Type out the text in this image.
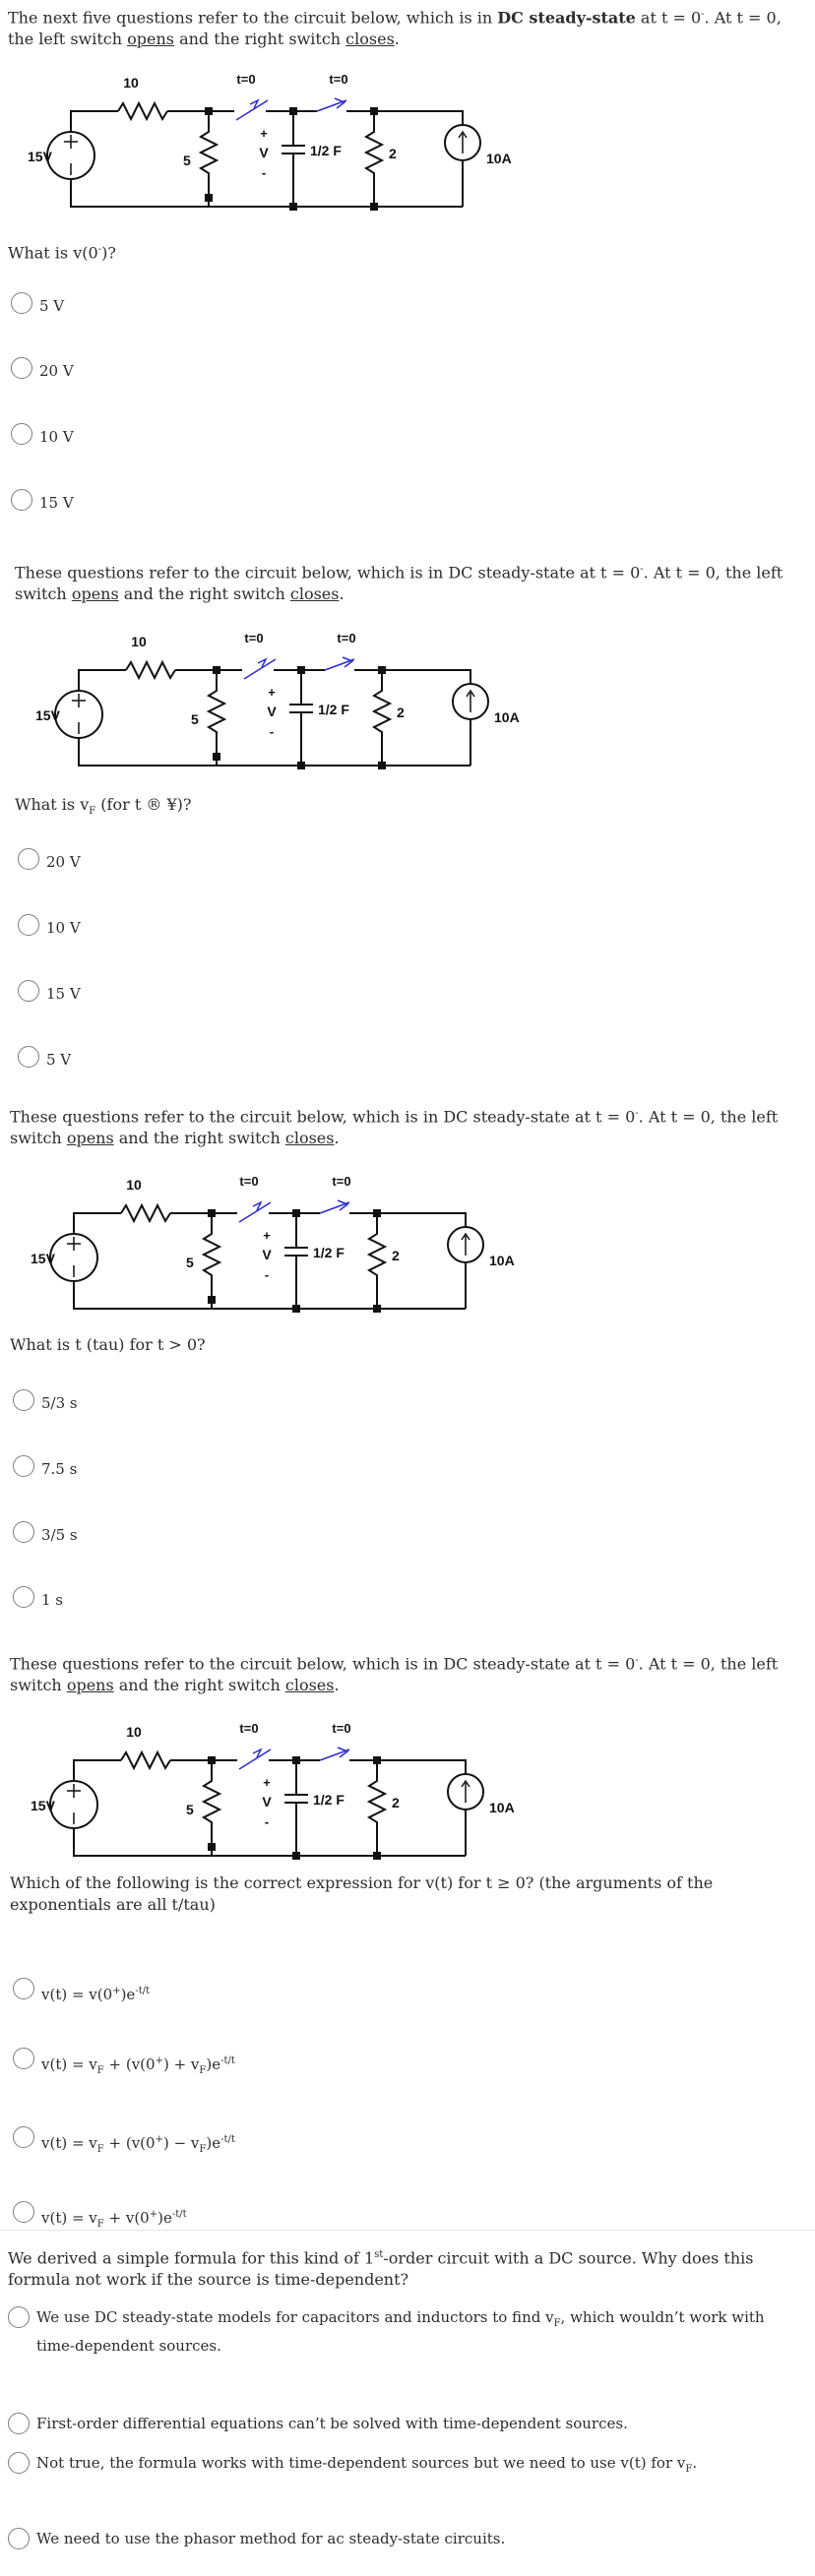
The next five questions refer to the circuit below, which is in DC steady-state at t = 0-. At t = 0, the left switch opens and the right switch closes.
15V
10
5	2
1/2 F
V
+
-
t=0	t=0
10A
What is v(0-)?
5 V
20 V
10 V
15 V
These questions refer to the circuit below, which is in DC steady-state at t = 0-. At t = 0, the left switch opens and the right switch closes.
15V
10
5	2
1/2 F
V
+
-
t=0	t=0
10A
What is $v_F$ (for t ® ¥)?
20 V
10 V
15 V
5 V
These questions refer to the circuit below, which is in DC steady-state at t = 0-. At t = 0, the left switch opens and the right switch closes.
15V
10
5	2
1/2 F
V
+
-
t=0	t=0
10A
What is t (tau) for t > 0?
5/3 s
7.5 s
3/5 s
1 s
These questions refer to the circuit below, which is in DC steady-state at t = 0-. At t = 0, the left switch opens and the right switch closes.
15V
10
5	2
1/2 F
V
+
-
t=0	t=0
10A
Which of the following is the correct expression for v(t) for t ≥ 0? (the arguments of the exponentials are all t/tau)
$v(t) = v(0^+)e^{-t/t}$
$v(t) = v_F + (v(0^+) + v_F)e^{-t/t}$
$v(t) = v_F + (v(0^+) - v_F)e^{-t/t}$
$v(t) = v_F + v(0^+)e^{-t/t}$
We derived a simple formula for this kind of 1st-order circuit with a DC source. Why does this formula not work if the source is time-dependent?
We use DC steady-state models for capacitors and inductors to find $v_F$, which wouldn’t work with time-dependent sources.
First-order differential equations can’t be solved with time-dependent sources.
Not true, the formula works with time-dependent sources but we need to use v(t) for $v_F$.
We need to use the phasor method for ac steady-state circuits.
